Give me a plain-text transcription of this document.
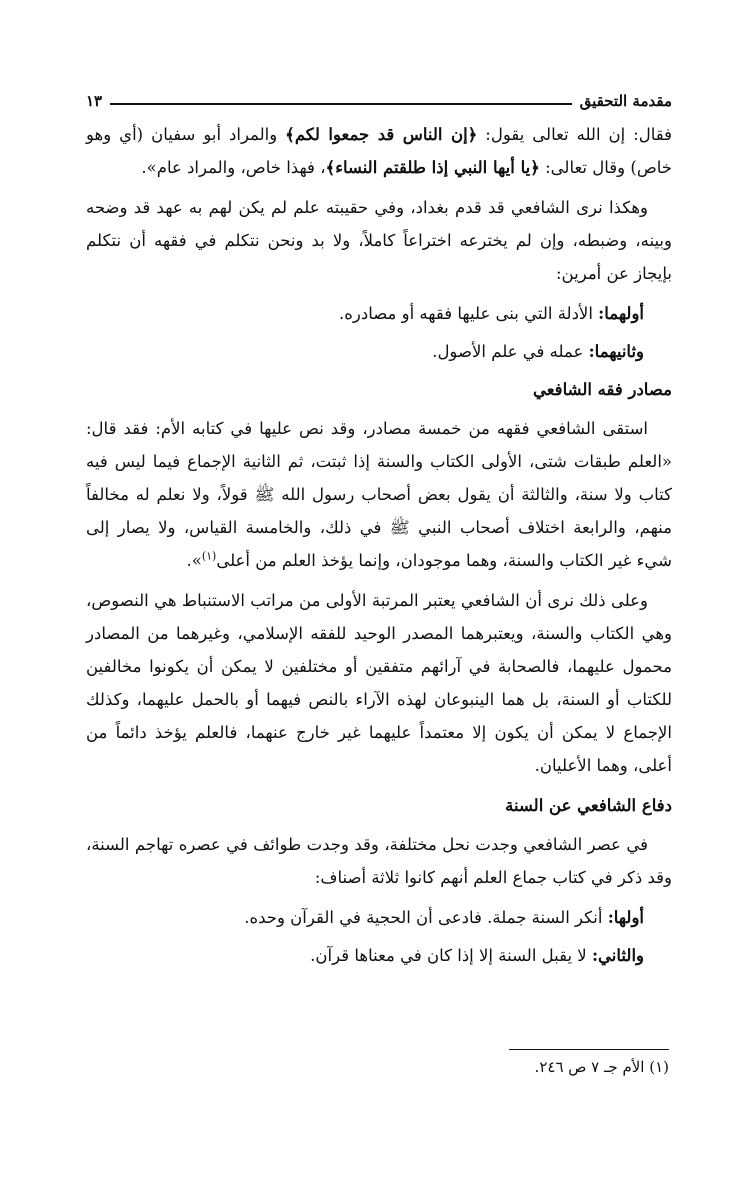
مقدمة التحقيق
١٣

فقال: إن الله تعالى يقول: ﴿إن الناس قد جمعوا لكم﴾ والمراد أبو سفيان (أي وهو خاص) وقال تعالى: ﴿يا أيها النبي إذا طلقتم النساء﴾، فهذا خاص، والمراد عام».

وهكذا نرى الشافعي قد قدم بغداد، وفي حقيبته علم لم يكن لهم به عهد قد وضحه وبينه، وضبطه، وإن لم يخترعه اختراعاً كاملاً، ولا بد ونحن نتكلم في فقهه أن نتكلم بإيجاز عن أمرين:

أولهما: الأدلة التي بنى عليها فقهه أو مصادره.

وثانيهما: عمله في علم الأصول.

مصادر فقه الشافعي

استقى الشافعي فقهه من خمسة مصادر، وقد نص عليها في كتابه الأم: فقد قال: «العلم طبقات شتى، الأولى الكتاب والسنة إذا ثبتت، ثم الثانية الإجماع فيما ليس فيه كتاب ولا سنة، والثالثة أن يقول بعض أصحاب رسول الله ﷺ قولاً، ولا نعلم له مخالفاً منهم، والرابعة اختلاف أصحاب النبي ﷺ في ذلك، والخامسة القياس، ولا يصار إلى شيء غير الكتاب والسنة، وهما موجودان، وإنما يؤخذ العلم من أعلى$^{(١)}$».

وعلى ذلك نرى أن الشافعي يعتبر المرتبة الأولى من مراتب الاستنباط هي النصوص، وهي الكتاب والسنة، ويعتبرهما المصدر الوحيد للفقه الإسلامي، وغيرهما من المصادر محمول عليهما، فالصحابة في آرائهم متفقين أو مختلفين لا يمكن أن يكونوا مخالفين للكتاب أو السنة، بل هما الينبوعان لهذه الآراء بالنص فيهما أو بالحمل عليهما، وكذلك الإجماع لا يمكن أن يكون إلا معتمداً عليهما غير خارج عنهما، فالعلم يؤخذ دائماً من أعلى، وهما الأعليان.

دفاع الشافعي عن السنة

في عصر الشافعي وجدت نحل مختلفة، وقد وجدت طوائف في عصره تهاجم السنة، وقد ذكر في كتاب جماع العلم أنهم كانوا ثلاثة أصناف:

أولها: أنكر السنة جملة. فادعى أن الحجية في القرآن وحده.

والثاني: لا يقبل السنة إلا إذا كان في معناها قرآن.

(١) الأم جـ ٧ ص ٢٤٦.
